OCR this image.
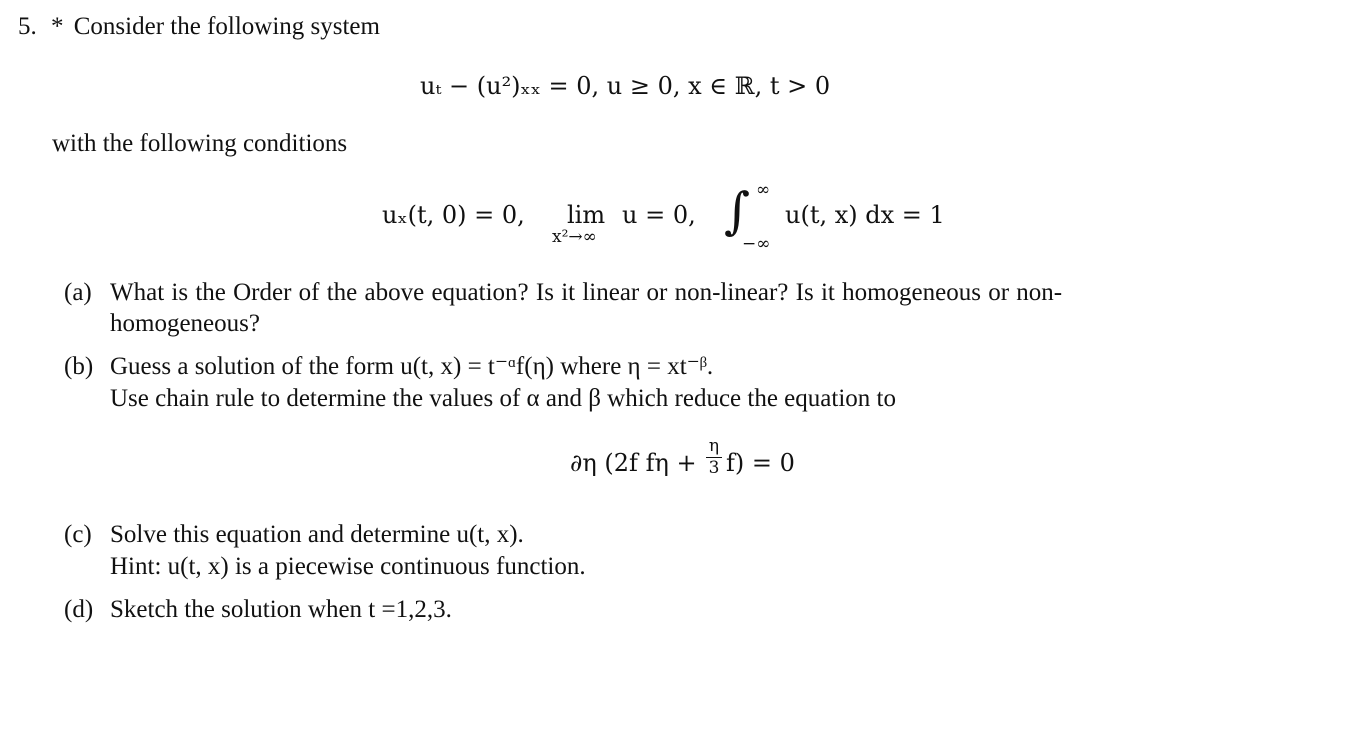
5. * Consider the following system
uₜ − (u²)ₓₓ = 0, u ≥ 0, x ∈ ℝ, t > 0
with the following conditions
uₓ(t, 0) = 0, lim
x²→∞
u = 0, ∫ ∞
−∞
u(t, x) dx = 1
(a) What is the Order of the above equation? Is it linear or non-linear? Is it homogeneous or non-
homogeneous?
(b) Guess a solution of the form u(t, x) = t⁻ᵅf(η) where η = xt⁻ᵝ.
Use chain rule to determine the values of α and β which reduce the equation to
∂η (2f fη +
η
3 f) = 0
(c) Solve this equation and determine u(t, x).
Hint: u(t, x) is a piecewise continuous function.
(d) Sketch the solution when t =1,2,3.
